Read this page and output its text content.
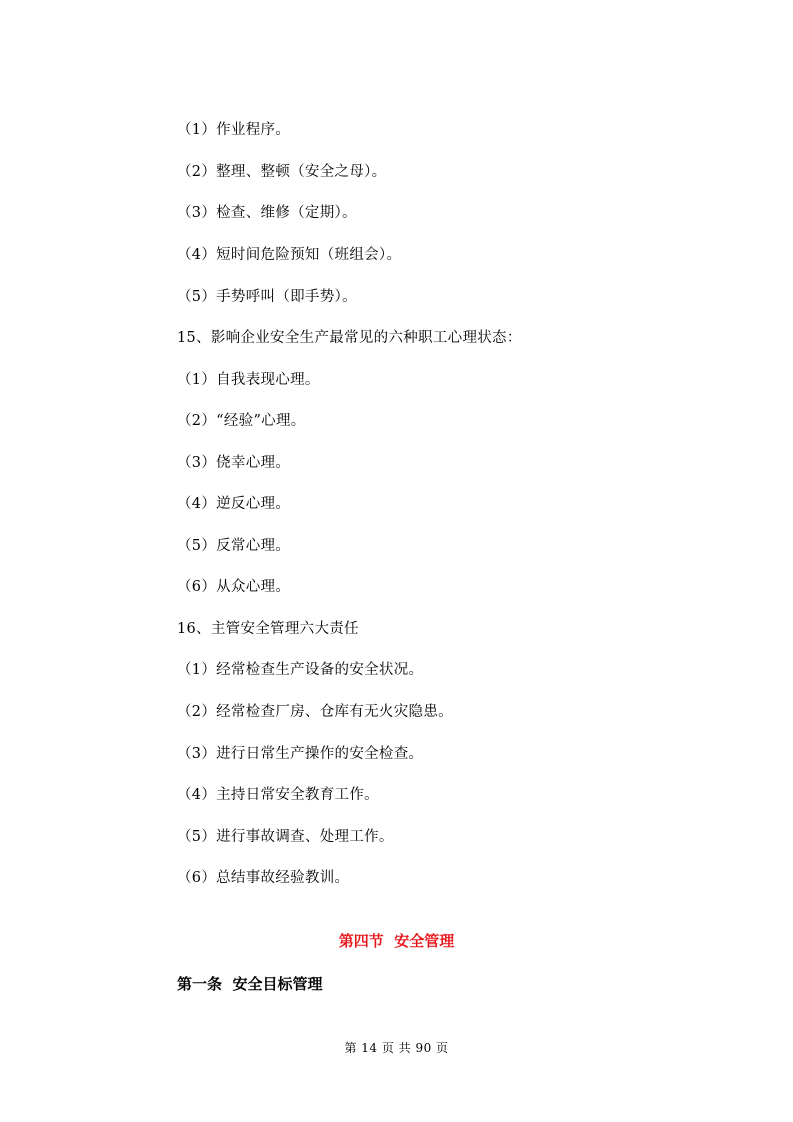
（1）作业程序。
（2）整理、整顿（安全之母）。
（3）检查、维修（定期）。
（4）短时间危险预知（班组会）。
（5）手势呼叫（即手势）。
15、影响企业安全生产最常见的六种职工心理状态：
（1）自我表现心理。
（2）“经验”心理。
（3）侥幸心理。
（4）逆反心理。
（5）反常心理。
（6）从众心理。
16、主管安全管理六大责任
（1）经常检查生产设备的安全状况。
（2）经常检查厂房、仓库有无火灾隐患。
（3）进行日常生产操作的安全检查。
（4）主持日常安全教育工作。
（5）进行事故调查、处理工作。
（6）总结事故经验教训。
第四节  安全管理
第一条  安全目标管理
第 14 页 共 90 页
